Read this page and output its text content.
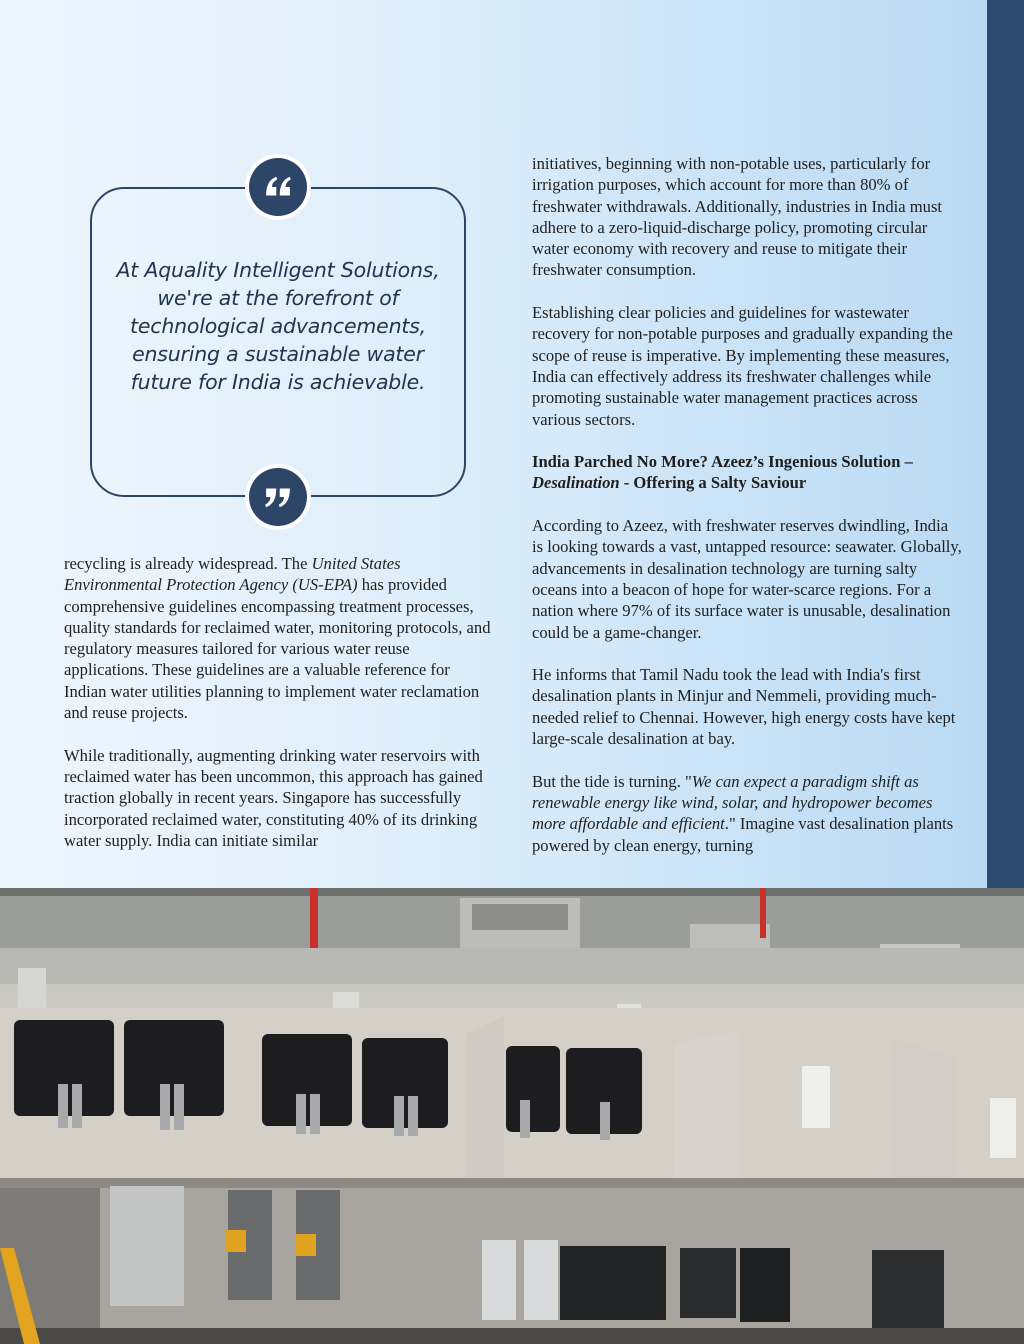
At Aquality Intelligent Solutions, we're at the forefront of technological advancements, ensuring a sustainable water future for India is achievable.

recycling is already widespread. The United States Environmental Protection Agency (US-EPA) has provided comprehensive guidelines encompassing treatment processes, quality standards for reclaimed water, monitoring protocols, and regulatory measures tailored for various water reuse applications. These guidelines are a valuable reference for Indian water utilities planning to implement water reclamation and reuse projects.

While traditionally, augmenting drinking water reservoirs with reclaimed water has been uncommon, this approach has gained traction globally in recent years. Singapore has successfully incorporated reclaimed water, constituting 40% of its drinking water supply. India can initiate similar

initiatives, beginning with non-potable uses, particularly for irrigation purposes, which account for more than 80% of freshwater withdrawals. Additionally, industries in India must adhere to a zero-liquid-discharge policy, promoting circular water economy with recovery and reuse to mitigate their freshwater consumption.

Establishing clear policies and guidelines for wastewater recovery for non-potable purposes and gradually expanding the scope of reuse is imperative. By implementing these measures, India can effectively address its freshwater challenges while promoting sustainable water management practices across various sectors.

India Parched No More? Azeez’s Ingenious Solution – Desalination - Offering a Salty Saviour

According to Azeez, with freshwater reserves dwindling, India is looking towards a vast, untapped resource: seawater. Globally, advancements in desalination technology are turning salty oceans into a beacon of hope for water-scarce regions. For a nation where 97% of its surface water is unusable, desalination could be a game-changer.

He informs that Tamil Nadu took the lead with India's first desalination plants in Minjur and Nemmeli, providing much-needed relief to Chennai. However, high energy costs have kept large-scale desalination at bay.

But the tide is turning. "We can expect a paradigm shift as renewable energy like wind, solar, and hydropower becomes more affordable and efficient." Imagine vast desalination plants powered by clean energy, turning
